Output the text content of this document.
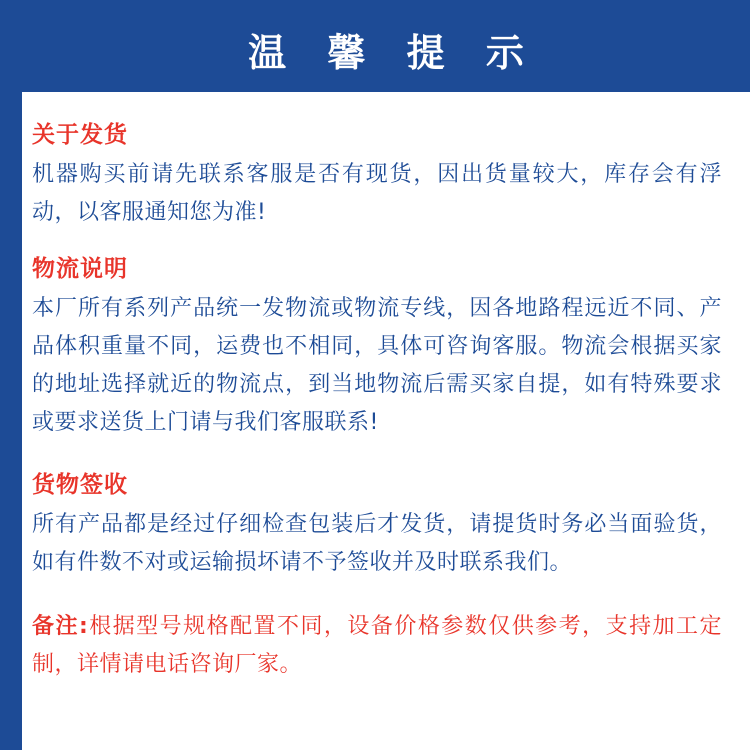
温 馨 提 示

关于发货

机器购买前请先联系客服是否有现货，因出货量较大，库存会有浮动，以客服通知您为准!

物流说明

本厂所有系列产品统一发物流或物流专线，因各地路程远近不同、产品体积重量不同，运费也不相同，具体可咨询客服。物流会根据买家的地址选择就近的物流点，到当地物流后需买家自提，如有特殊要求或要求送货上门请与我们客服联系!

货物签收

所有产品都是经过仔细检查包装后才发货，请提货时务必当面验货，如有件数不对或运输损坏请不予签收并及时联系我们。

备注:根据型号规格配置不同，设备价格参数仅供参考，支持加工定制，详情请电话咨询厂家。
